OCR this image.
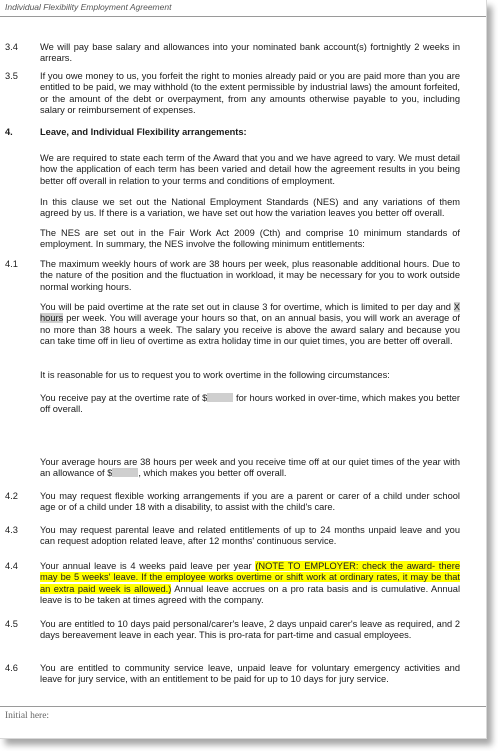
Individual Flexibility Employment Agreement
3.4 We will pay base salary and allowances into your nominated bank account(s) fortnightly 2 weeks in arrears.
3.5 If you owe money to us, you forfeit the right to monies already paid or you are paid more than you are entitled to be paid, we may withhold (to the extent permissible by industrial laws) the amount forfeited, or the amount of the debt or overpayment, from any amounts otherwise payable to you, including salary or reimbursement of expenses.
4.	Leave, and Individual Flexibility arrangements:
We are required to state each term of the Award that you and we have agreed to vary. We must detail how the application of each term has been varied and detail how the agreement results in you being better off overall in relation to your terms and conditions of employment.
In this clause we set out the National Employment Standards (NES) and any variations of them agreed by us. If there is a variation, we have set out how the variation leaves you better off overall.
The NES are set out in the Fair Work Act 2009 (Cth) and comprise 10 minimum standards of employment. In summary, the NES involve the following minimum entitlements:
4.1 The maximum weekly hours of work are 38 hours per week, plus reasonable additional hours. Due to the nature of the position and the fluctuation in workload, it may be necessary for you to work outside normal working hours.
You will be paid overtime at the rate set out in clause 3 for overtime, which is limited to per day and X hours per week. You will average your hours so that, on an annual basis, you will work an average of no more than 38 hours a week. The salary you receive is above the award salary and because you can take time off in lieu of overtime as extra holiday time in our quiet times, you are better off overall.
It is reasonable for us to request you to work overtime in the following circumstances:
You receive pay at the overtime rate of $	for hours worked in over-time, which makes you better off overall.
Your average hours are 38 hours per week and you receive time off at our quiet times of the year with an allowance of $	, which makes you better off overall.
4.2 You may request flexible working arrangements if you are a parent or carer of a child under school age or of a child under 18 with a disability, to assist with the child's care.
4.3 You may request parental leave and related entitlements of up to 24 months unpaid leave and you can request adoption related leave, after 12 months' continuous service.
4.4 Your annual leave is 4 weeks paid leave per year (NOTE TO EMPLOYER: check the award- there may be 5 weeks' leave. If the employee works overtime or shift work at ordinary rates, it may be that an extra paid week is allowed.) Annual leave accrues on a pro rata basis and is cumulative. Annual leave is to be taken at times agreed with the company.
4.5 You are entitled to 10 days paid personal/carer's leave, 2 days unpaid carer's leave as required, and 2 days bereavement leave in each year. This is pro-rata for part-time and casual employees.
4.6 You are entitled to community service leave, unpaid leave for voluntary emergency activities and leave for jury service, with an entitlement to be paid for up to 10 days for jury service.
Initial here:
